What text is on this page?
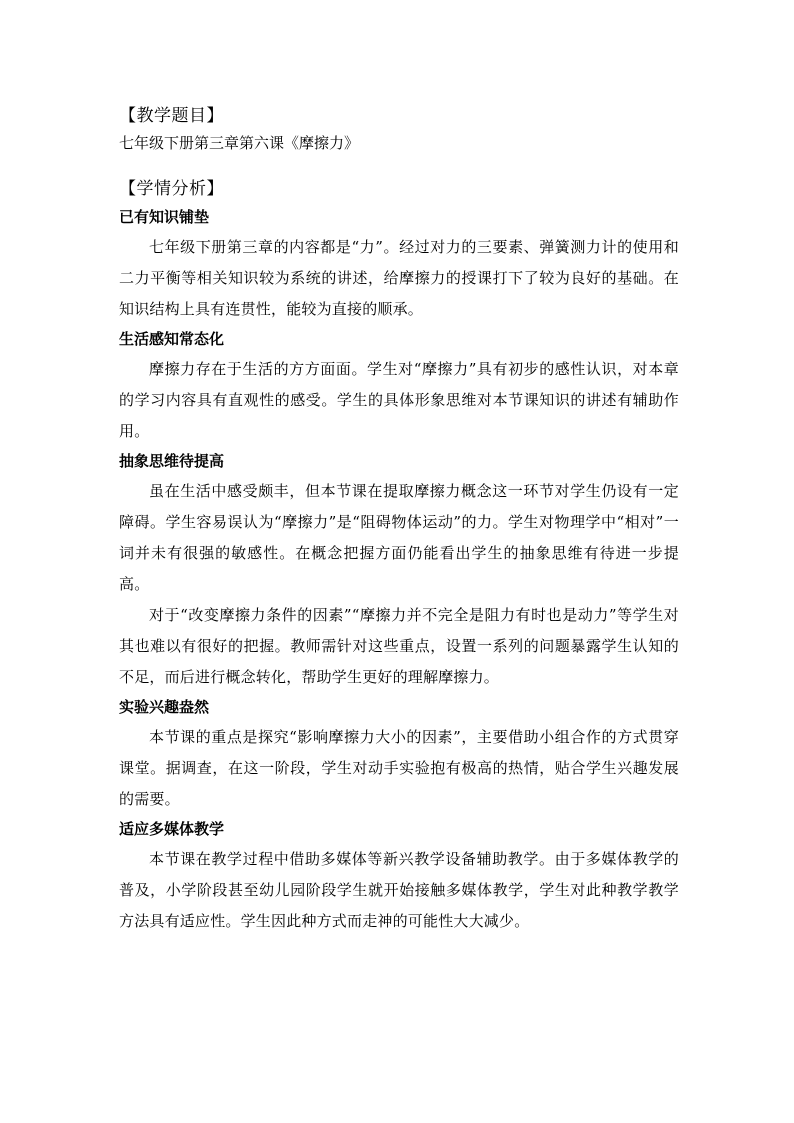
【教学题目】

七年级下册第三章第六课《摩擦力》

【学情分析】
已有知识铺垫

七年级下册第三章的内容都是“力”。经过对力的三要素、弹簧测力计的使用和二力平衡等相关知识较为系统的讲述，给摩擦力的授课打下了较为良好的基础。在知识结构上具有连贯性，能较为直接的顺承。

生活感知常态化

摩擦力存在于生活的方方面面。学生对“摩擦力”具有初步的感性认识，对本章的学习内容具有直观性的感受。学生的具体形象思维对本节课知识的讲述有辅助作用。

抽象思维待提高

虽在生活中感受颇丰，但本节课在提取摩擦力概念这一环节对学生仍设有一定障碍。学生容易误认为“摩擦力”是“阻碍物体运动”的力。学生对物理学中“相对”一词并未有很强的敏感性。在概念把握方面仍能看出学生的抽象思维有待进一步提高。

对于“改变摩擦力条件的因素”“摩擦力并不完全是阻力有时也是动力”等学生对其也难以有很好的把握。教师需针对这些重点，设置一系列的问题暴露学生认知的不足，而后进行概念转化，帮助学生更好的理解摩擦力。

实验兴趣盎然

本节课的重点是探究“影响摩擦力大小的因素”，主要借助小组合作的方式贯穿课堂。据调查，在这一阶段，学生对动手实验抱有极高的热情，贴合学生兴趣发展的需要。

适应多媒体教学

本节课在教学过程中借助多媒体等新兴教学设备辅助教学。由于多媒体教学的普及，小学阶段甚至幼儿园阶段学生就开始接触多媒体教学，学生对此种教学教学方法具有适应性。学生因此种方式而走神的可能性大大减少。
